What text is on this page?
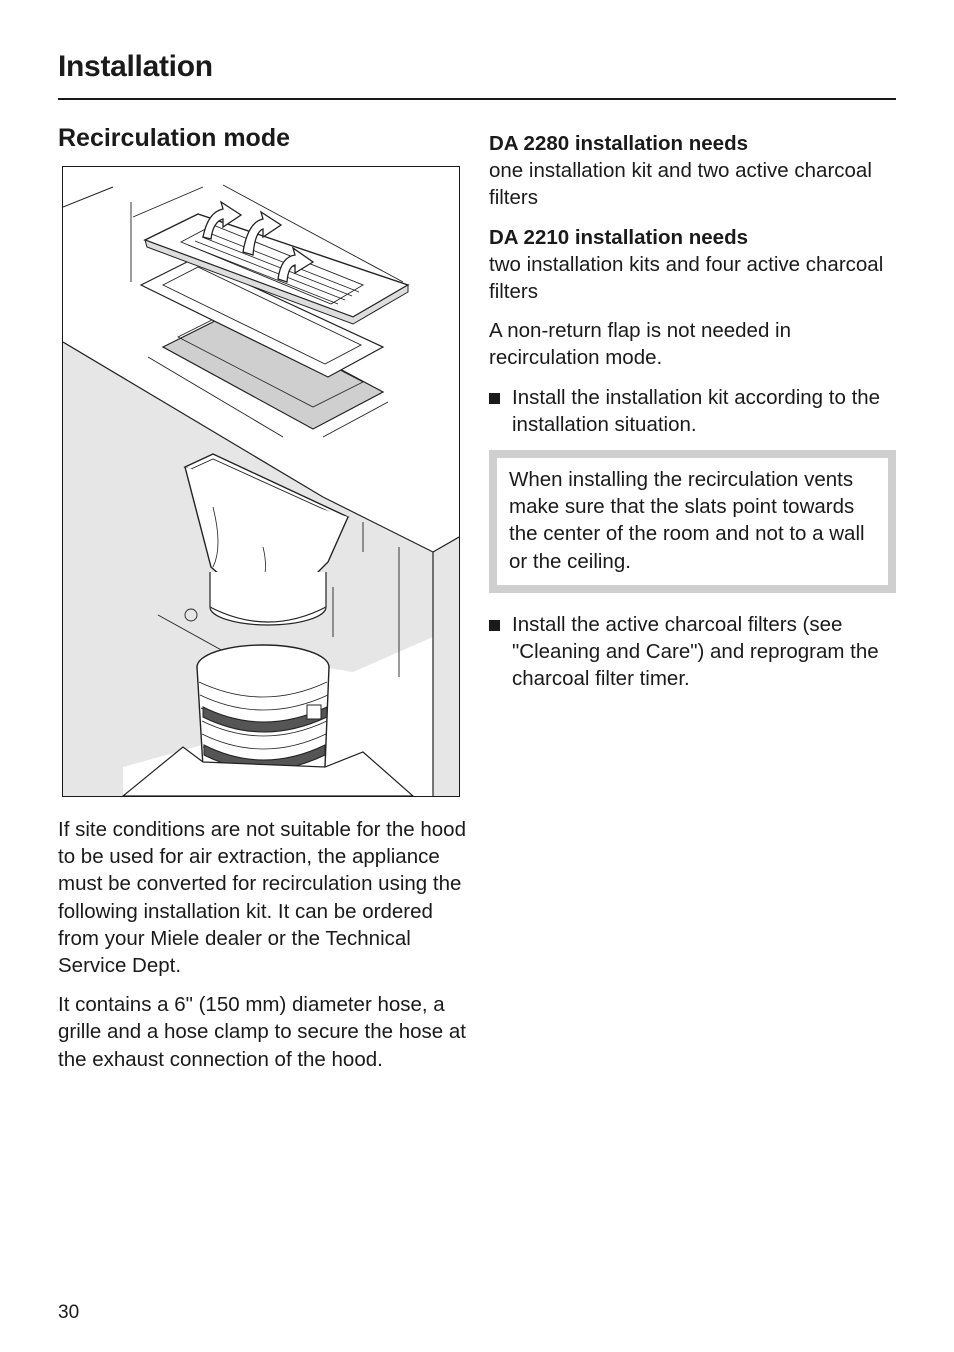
Installation
Recirculation mode

If site conditions are not suitable for the hood to be used for air extraction, the appliance must be converted for recirculation using the following installation kit. It can be ordered from your Miele dealer or the Technical Service Dept.

It contains a 6" (150 mm) diameter hose, a grille and a hose clamp to secure the hose at the exhaust connection of the hood.

DA 2280 installation needs
one installation kit and two active charcoal filters

DA 2210 installation needs
two installation kits and four active charcoal filters

A non-return flap is not needed in recirculation mode.

Install the installation kit according to the installation situation.
When installing the recirculation vents make sure that the slats point towards the center of the room and not to a wall or the ceiling.
Install the active charcoal filters (see "Cleaning and Care") and reprogram the charcoal filter timer.
30
